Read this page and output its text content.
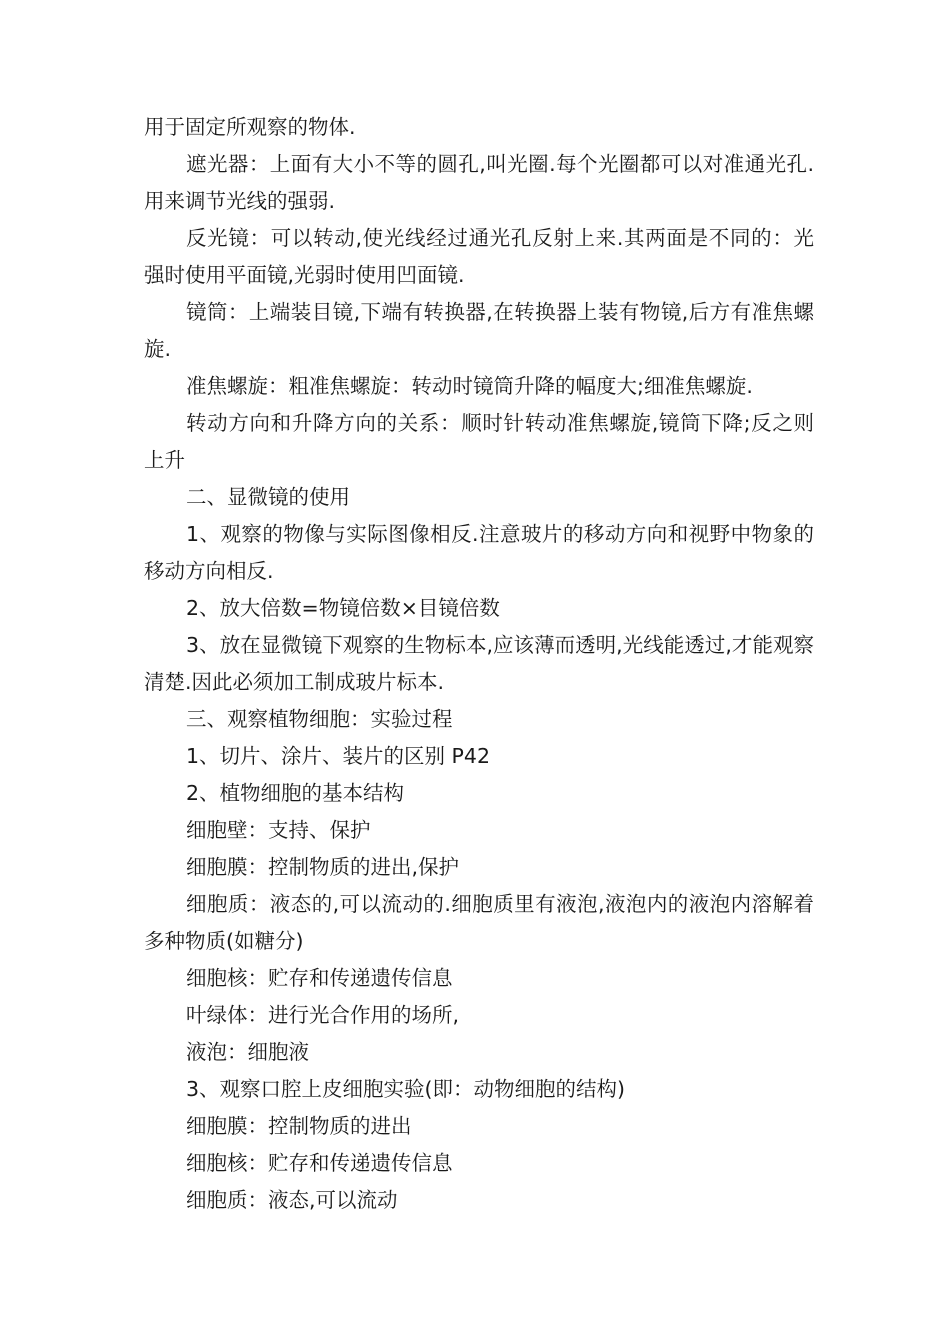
用于固定所观察的物体.

遮光器：上面有大小不等的圆孔,叫光圈.每个光圈都可以对准通光孔.用来调节光线的强弱.

反光镜：可以转动,使光线经过通光孔反射上来.其两面是不同的：光强时使用平面镜,光弱时使用凹面镜.

镜筒：上端装目镜,下端有转换器,在转换器上装有物镜,后方有准焦螺旋.

准焦螺旋：粗准焦螺旋：转动时镜筒升降的幅度大;细准焦螺旋.

转动方向和升降方向的关系：顺时针转动准焦螺旋,镜筒下降;反之则上升

二、显微镜的使用

1、观察的物像与实际图像相反.注意玻片的移动方向和视野中物象的移动方向相反.

2、放大倍数=物镜倍数×目镜倍数

3、放在显微镜下观察的生物标本,应该薄而透明,光线能透过,才能观察清楚.因此必须加工制成玻片标本.

三、观察植物细胞：实验过程

1、切片、涂片、装片的区别 P42

2、植物细胞的基本结构

细胞壁：支持、保护

细胞膜：控制物质的进出,保护

细胞质：液态的,可以流动的.细胞质里有液泡,液泡内的液泡内溶解着多种物质(如糖分)

细胞核：贮存和传递遗传信息

叶绿体：进行光合作用的场所,

液泡：细胞液

3、观察口腔上皮细胞实验(即：动物细胞的结构)

细胞膜：控制物质的进出

细胞核：贮存和传递遗传信息

细胞质：液态,可以流动
